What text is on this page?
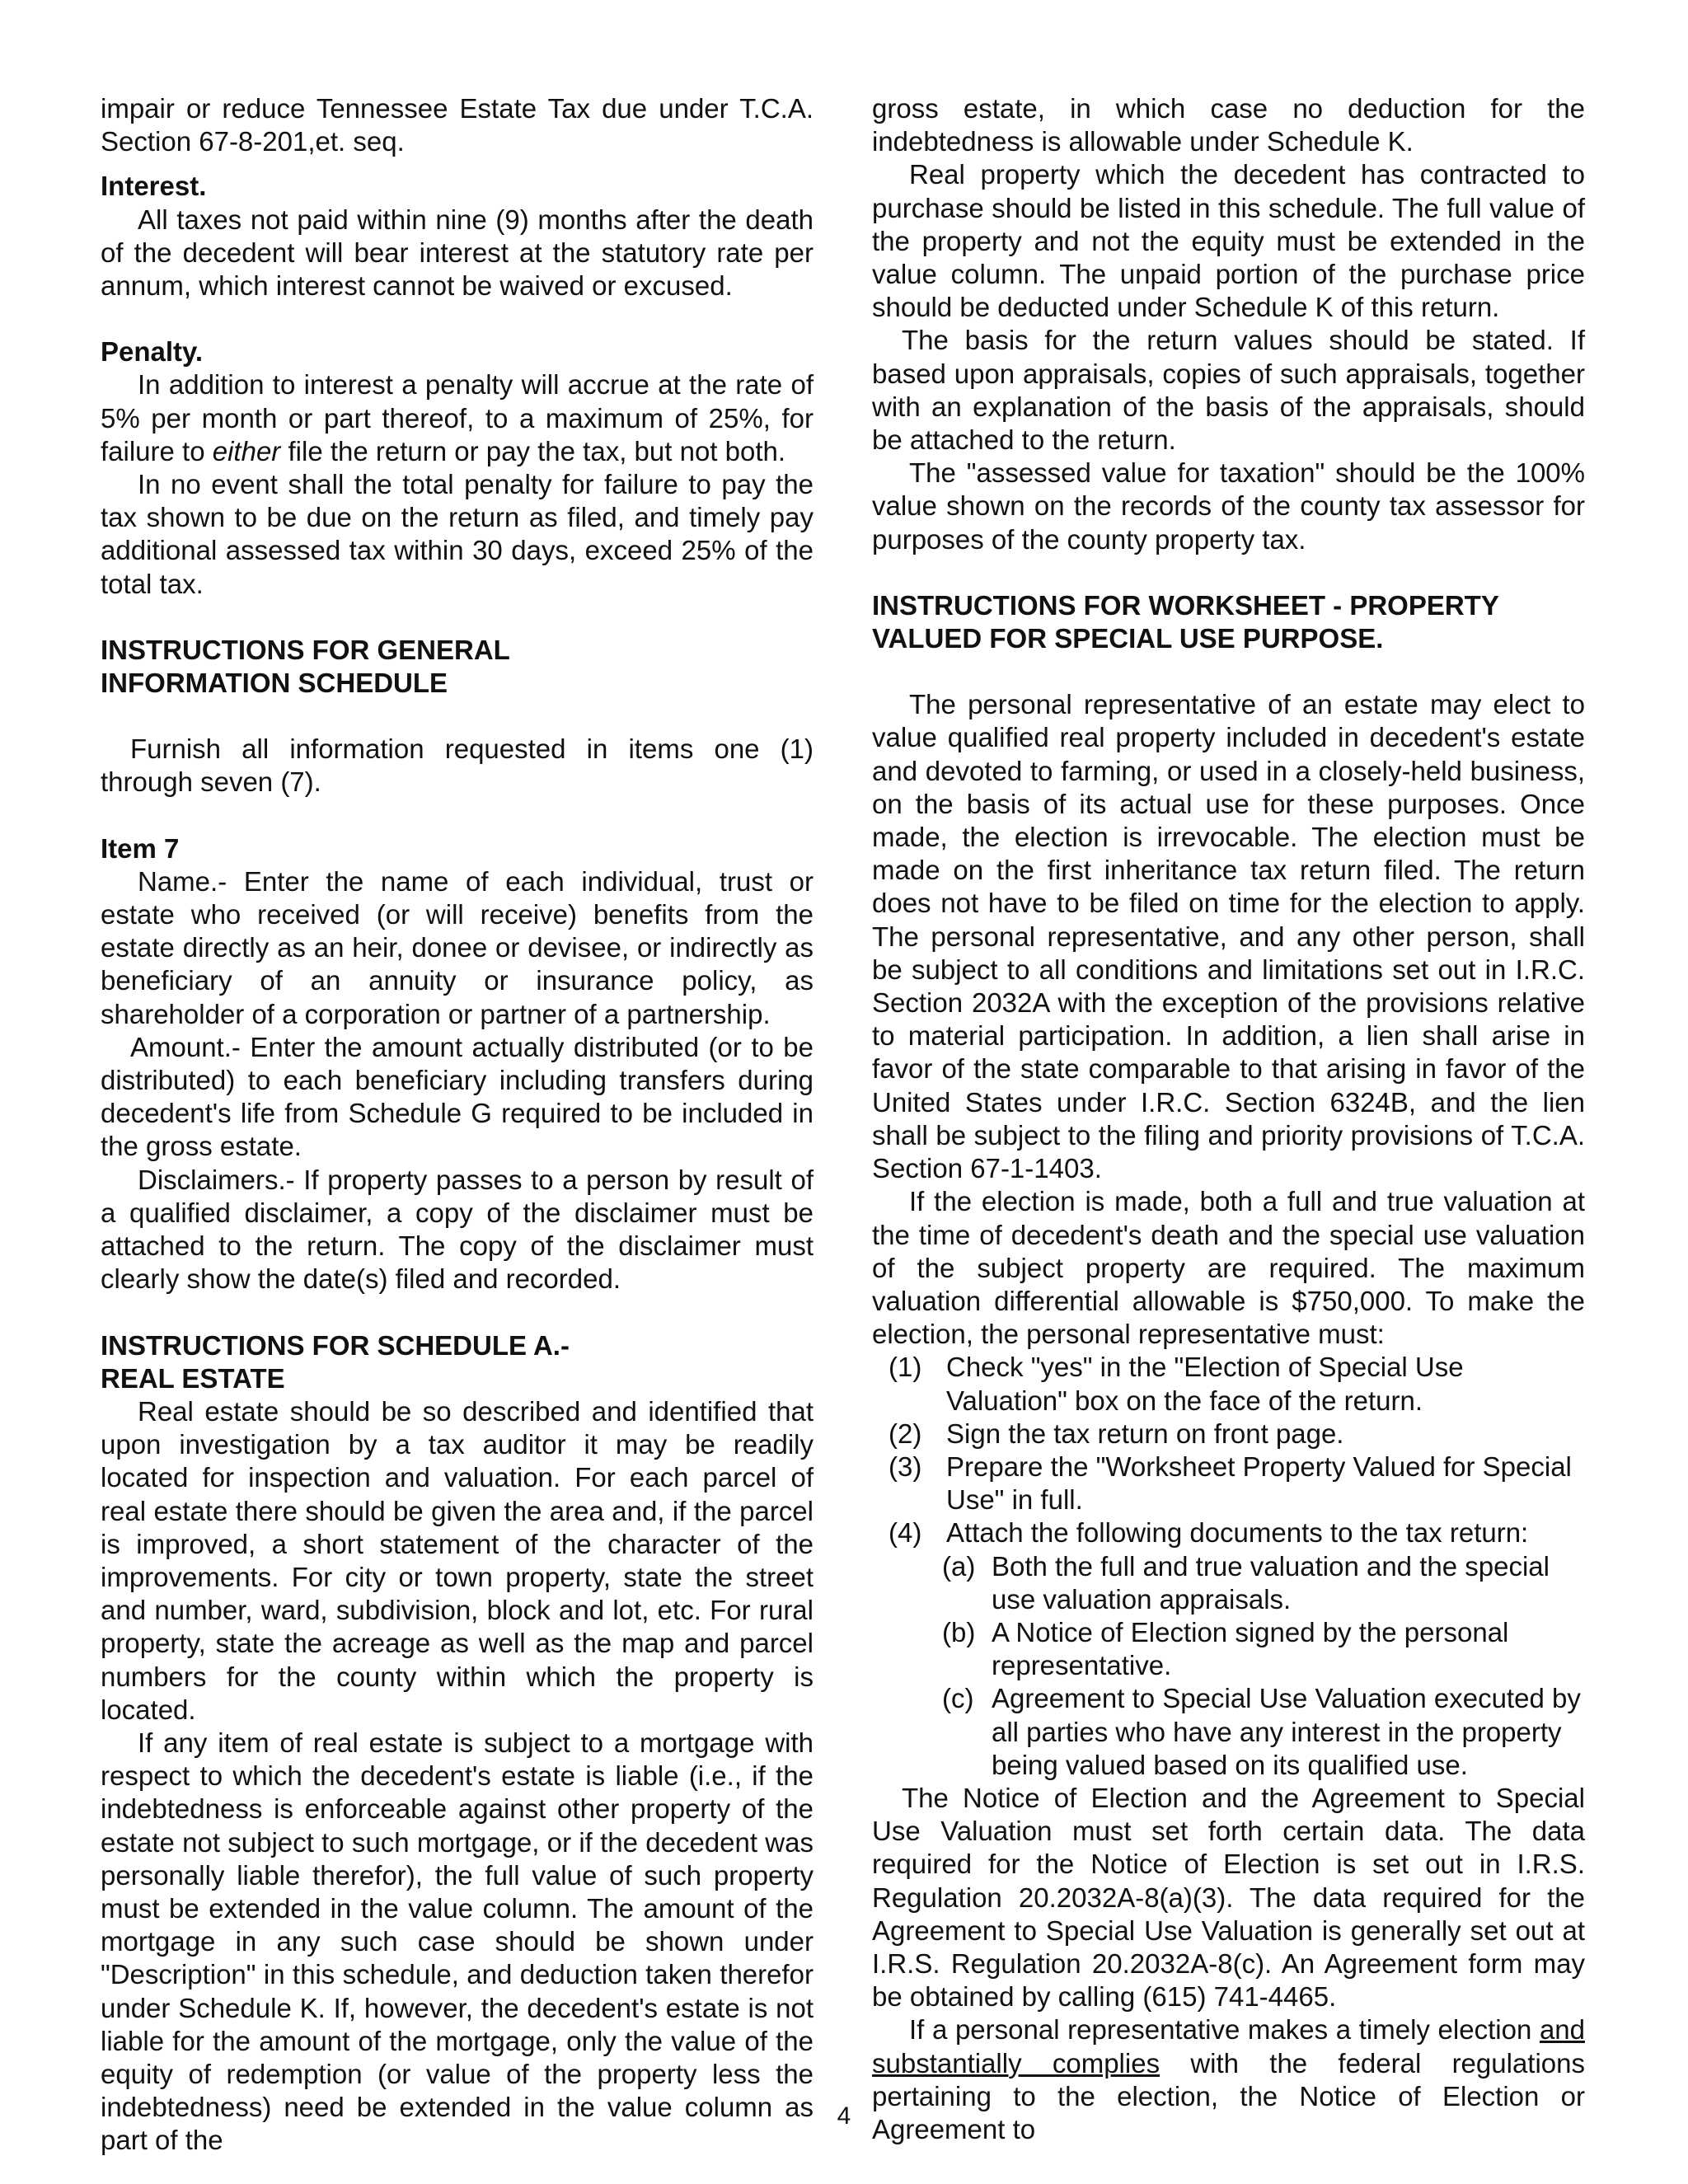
impair or reduce Tennessee Estate Tax due under T.C.A. Section 67-8-201,et. seq.

Interest.

All taxes not paid within nine (9) months after the death of the decedent will bear interest at the statutory rate per annum, which interest cannot be waived or excused.

Penalty.

In addition to interest a penalty will accrue at the rate of 5% per month or part thereof, to a maximum of 25%, for failure to either file the return or pay the tax, but not both.

In no event shall the total penalty for failure to pay the tax shown to be due on the return as filed, and timely pay additional assessed tax within 30 days, exceed 25% of the total tax.

INSTRUCTIONS FOR GENERAL
INFORMATION SCHEDULE

Furnish all information requested in items one (1) through seven (7).

Item 7

Name.- Enter the name of each individual, trust or estate who received (or will receive) benefits from the estate directly as an heir, donee or devisee, or indirectly as beneficiary of an annuity or insurance policy, as shareholder of a corporation or partner of a partnership.

Amount.- Enter the amount actually distributed (or to be distributed) to each beneficiary including transfers during decedent's life from Schedule G required to be included in the gross estate.

Disclaimers.- If property passes to a person by result of a qualified disclaimer, a copy of the disclaimer must be attached to the return. The copy of the disclaimer must clearly show the date(s) filed and recorded.

INSTRUCTIONS FOR SCHEDULE A.-
REAL ESTATE

Real estate should be so described and identified that upon investigation by a tax auditor it may be readily located for inspection and valuation. For each parcel of real estate there should be given the area and, if the parcel is improved, a short statement of the character of the improvements. For city or town property, state the street and number, ward, subdivision, block and lot, etc. For rural property, state the acreage as well as the map and parcel numbers for the county within which the property is located.

If any item of real estate is subject to a mortgage with respect to which the decedent's estate is liable (i.e., if the indebtedness is enforceable against other property of the estate not subject to such mortgage, or if the decedent was personally liable therefor), the full value of such property must be extended in the value column. The amount of the mortgage in any such case should be shown under "Description" in this schedule, and deduction taken therefor under Schedule K. If, however, the decedent's estate is not liable for the amount of the mortgage, only the value of the equity of redemption (or value of the property less the indebtedness) need be extended in the value column as part of the

gross estate, in which case no deduction for the indebtedness is allowable under Schedule K.

Real property which the decedent has contracted to purchase should be listed in this schedule. The full value of the property and not the equity must be extended in the value column. The unpaid portion of the purchase price should be deducted under Schedule K of this return.

The basis for the return values should be stated. If based upon appraisals, copies of such appraisals, together with an explanation of the basis of the appraisals, should be attached to the return.

The "assessed value for taxation" should be the 100% value shown on the records of the county tax assessor for purposes of the county property tax.

INSTRUCTIONS FOR WORKSHEET - PROPERTY
VALUED FOR SPECIAL USE PURPOSE.

The personal representative of an estate may elect to value qualified real property included in decedent's estate and devoted to farming, or used in a closely-held business, on the basis of its actual use for these purposes. Once made, the election is irrevocable. The election must be made on the first inheritance tax return filed. The return does not have to be filed on time for the election to apply. The personal representative, and any other person, shall be subject to all conditions and limitations set out in I.R.C. Section 2032A with the exception of the provisions relative to material participation. In addition, a lien shall arise in favor of the state comparable to that arising in favor of the United States under I.R.C. Section 6324B, and the lien shall be subject to the filing and priority provisions of T.C.A. Section 67-1-1403.

If the election is made, both a full and true valuation at the time of decedent's death and the special use valuation of the subject property are required. The maximum valuation differential allowable is $750,000. To make the election, the personal representative must:

(1) Check "yes" in the "Election of Special Use Valuation" box on the face of the return.
(2) Sign the tax return on front page.
(3) Prepare the "Worksheet Property Valued for Special Use" in full.
(4) Attach the following documents to the tax return:
(a) Both the full and true valuation and the special use valuation appraisals.
(b) A Notice of Election signed by the personal representative.
(c) Agreement to Special Use Valuation executed by all parties who have any interest in the property being valued based on its qualified use.

The Notice of Election and the Agreement to Special Use Valuation must set forth certain data. The data required for the Notice of Election is set out in I.R.S. Regulation 20.2032A-8(a)(3). The data required for the Agreement to Special Use Valuation is generally set out at I.R.S. Regulation 20.2032A-8(c). An Agreement form may be obtained by calling (615) 741-4465.

If a personal representative makes a timely election and substantially complies with the federal regulations pertaining to the election, the Notice of Election or Agreement to

4
